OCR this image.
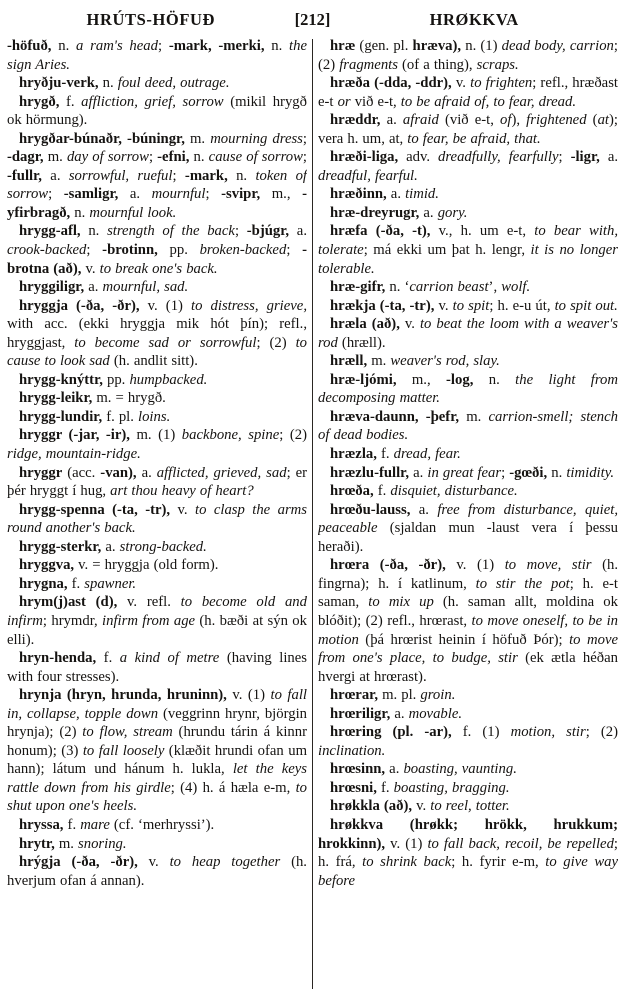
HRÚTS-HÖFUÐ	[212]	HRØKKVA

-höfuð, n. a ram's head; -mark, -merki, n. the sign Aries.

hryðju-verk, n. foul deed, outrage.

hrygð, f. affliction, grief, sorrow (mikil hrygð ok hörmung).

hrygðar-búnaðr, -búningr, m. mourning dress; -dagr, m. day of sorrow; -efni, n. cause of sorrow; -fullr, a. sorrowful, rueful; -mark, n. token of sorrow; -samligr, a. mournful; -svipr, m., -yfirbragð, n. mournful look.

hrygg-afl, n. strength of the back; -bjúgr, a. crook-backed; -brotinn, pp. broken-backed; -brotna (að), v. to break one's back.

hryggiligr, a. mournful, sad.

hryggja (-ða, -ðr), v. (1) to distress, grieve, with acc. (ekki hryggja mik hót þín); refl., hryggjast, to become sad or sorrowful; (2) to cause to look sad (h. andlit sitt).

hrygg-knýttr, pp. humpbacked.

hrygg-leikr, m. = hrygð.

hrygg-lundir, f. pl. loins.

hryggr (-jar, -ir), m. (1) backbone, spine; (2) ridge, mountain-ridge.

hryggr (acc. -van), a. afflicted, grieved, sad; er þér hryggt í hug, art thou heavy of heart?

hrygg-spenna (-ta, -tr), v. to clasp the arms round another's back.

hrygg-sterkr, a. strong-backed.

hryggva, v. = hryggja (old form).

hrygna, f. spawner.

hrym(j)ast (d), v. refl. to become old and infirm; hrymdr, infirm from age (h. bæði at sýn ok elli).

hryn-henda, f. a kind of metre (having lines with four stresses).

hrynja (hryn, hrunda, hruninn), v. (1) to fall in, collapse, topple down (veggrinn hrynr, björgin hrynja); (2) to flow, stream (hrundu tárin á kinnr honum); (3) to fall loosely (klæðit hrundi ofan um hann); látum und hánum h. lukla, let the keys rattle down from his girdle; (4) h. á hæla e-m, to shut upon one's heels.

hryssa, f. mare (cf. ‘merhryssi’).

hrytr, m. snoring.

hrýgja (-ða, -ðr), v. to heap together (h. hverjum ofan á annan).

hræ (gen. pl. hræva), n. (1) dead body, carrion; (2) fragments (of a thing), scraps.

hræða (-dda, -ddr), v. to frighten; refl., hræðast e-t or við e-t, to be afraid of, to fear, dread.

hræddr, a. afraid (við e-t, of), frightened (at); vera h. um, at, to fear, be afraid, that.

hræði-liga, adv. dreadfully, fearfully; -ligr, a. dreadful, fearful.

hræðinn, a. timid.

hræ-dreyrugr, a. gory.

hræfa (-ða, -t), v., h. um e-t, to bear with, tolerate; má ekki um þat h. lengr, it is no longer tolerable.

hræ-gifr, n. ‘carrion beast’, wolf.

hrækja (-ta, -tr), v. to spit; h. e-u út, to spit out.

hræla (að), v. to beat the loom with a weaver's rod (hræll).

hræll, m. weaver's rod, slay.

hræ-ljómi, m., -log, n. the light from decomposing matter.

hræva-daunn, -þefr, m. carrion-smell; stench of dead bodies.

hræzla, f. dread, fear.

hræzlu-fullr, a. in great fear; -gœði, n. timidity.

hrœða, f. disquiet, disturbance.

hrœðu-lauss, a. free from disturbance, quiet, peaceable (sjaldan mun -laust vera í þessu heraði).

hrœra (-ða, -ðr), v. (1) to move, stir (h. fingrna); h. í katlinum, to stir the pot; h. e-t saman, to mix up (h. saman allt, moldina ok blóðit); (2) refl., hrœrast, to move oneself, to be in motion (þá hrœrist heinin í höfuð Þór); to move from one's place, to budge, stir (ek ætla héðan hvergi at hrœrast).

hrœrar, m. pl. groin.

hrœriligr, a. movable.

hrœring (pl. -ar), f. (1) motion, stir; (2) inclination.

hrœsinn, a. boasting, vaunting.

hrœsni, f. boasting, bragging.

hrøkkla (að), v. to reel, totter.

hrøkkva (hrøkk; hrökk, hrukkum; hrokkinn), v. (1) to fall back, recoil, be repelled; h. frá, to shrink back; h. fyrir e-m, to give way before
